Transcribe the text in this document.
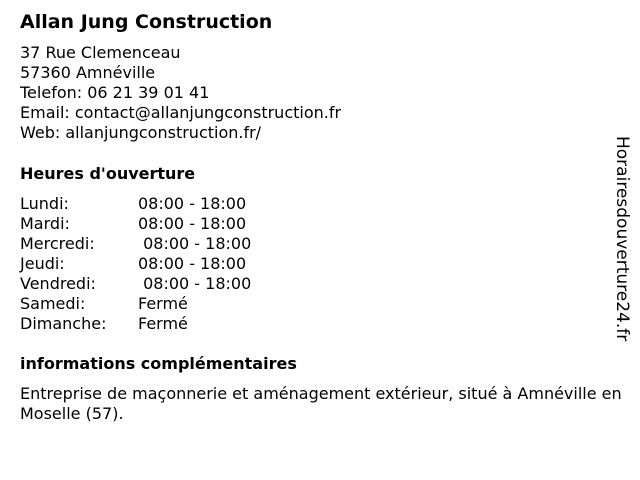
Allan Jung Construction
37 Rue Clemenceau
57360 Amnéville
Telefon: 06 21 39 01 41
Email: contact@allanjungconstruction.fr
Web: allanjungconstruction.fr/
Heures d'ouverture
Lundi:	08:00 - 18:00
Mardi:	08:00 - 18:00
Mercredi:	08:00 - 18:00
Jeudi:	08:00 - 18:00
Vendredi:	08:00 - 18:00
Samedi:	Fermé
Dimanche:	Fermé
informations complémentaires
Entreprise de maçonnerie et aménagement extérieur, situé à Amnéville en Moselle (57).
Horairesdouverture24.fr
